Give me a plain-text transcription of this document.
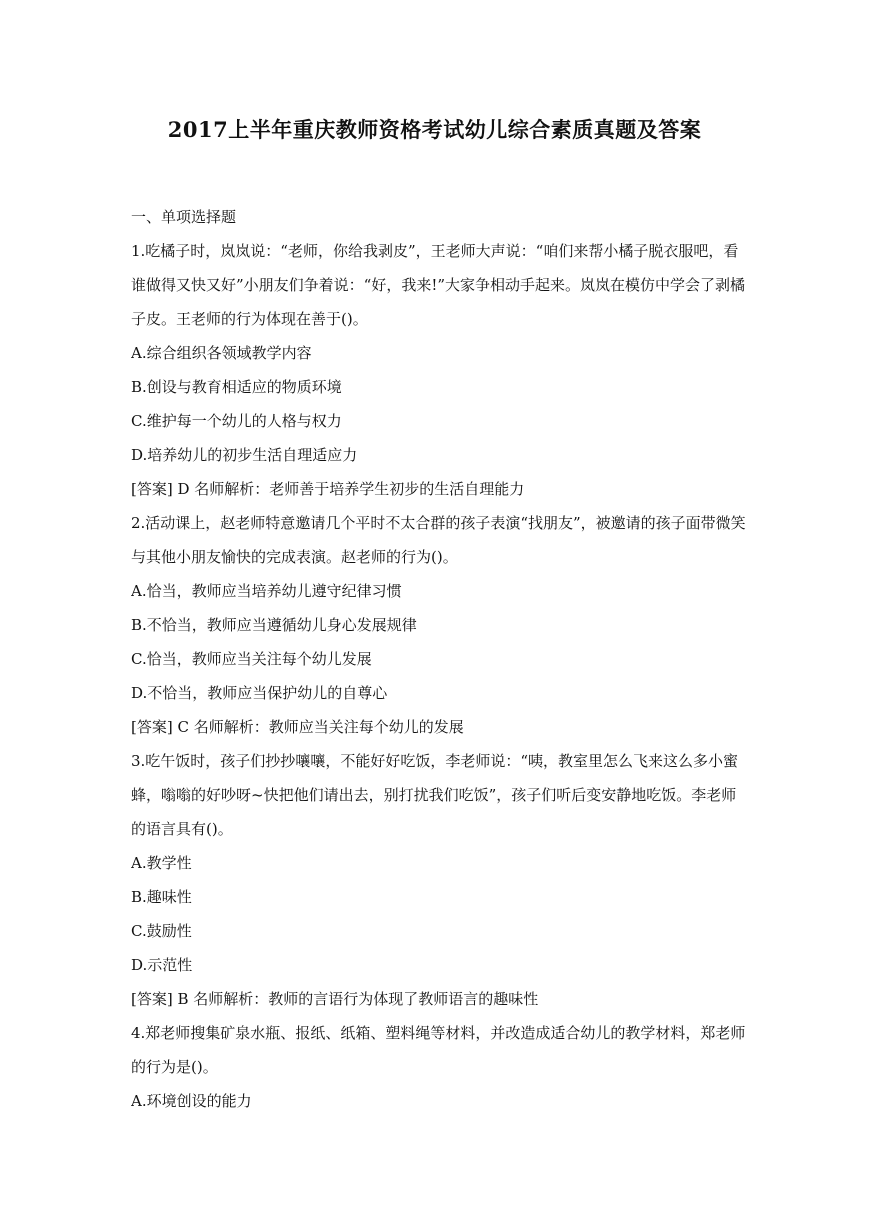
2017上半年重庆教师资格考试幼儿综合素质真题及答案
一、单项选择题
1.吃橘子时，岚岚说：“老师，你给我剥皮”，王老师大声说：“咱们来帮小橘子脱衣服吧，看谁做得又快又好”小朋友们争着说：“好，我来!”大家争相动手起来。岚岚在模仿中学会了剥橘子皮。王老师的行为体现在善于()。
A.综合组织各领域教学内容
B.创设与教育相适应的物质环境
C.维护每一个幼儿的人格与权力
D.培养幼儿的初步生活自理适应力
[答案] D 名师解析：老师善于培养学生初步的生活自理能力
2.活动课上，赵老师特意邀请几个平时不太合群的孩子表演“找朋友”，被邀请的孩子面带微笑与其他小朋友愉快的完成表演。赵老师的行为()。
A.恰当，教师应当培养幼儿遵守纪律习惯
B.不恰当，教师应当遵循幼儿身心发展规律
C.恰当，教师应当关注每个幼儿发展
D.不恰当，教师应当保护幼儿的自尊心
[答案] C 名师解析：教师应当关注每个幼儿的发展
3.吃午饭时，孩子们抄抄嚷嚷，不能好好吃饭，李老师说：“咦，教室里怎么飞来这么多小蜜蜂，嗡嗡的好吵呀~快把他们请出去，别打扰我们吃饭”，孩子们听后变安静地吃饭。李老师的语言具有()。
A.教学性
B.趣味性
C.鼓励性
D.示范性
[答案] B 名师解析：教师的言语行为体现了教师语言的趣味性
4.郑老师搜集矿泉水瓶、报纸、纸箱、塑料绳等材料，并改造成适合幼儿的教学材料，郑老师的行为是()。
A.环境创设的能力
